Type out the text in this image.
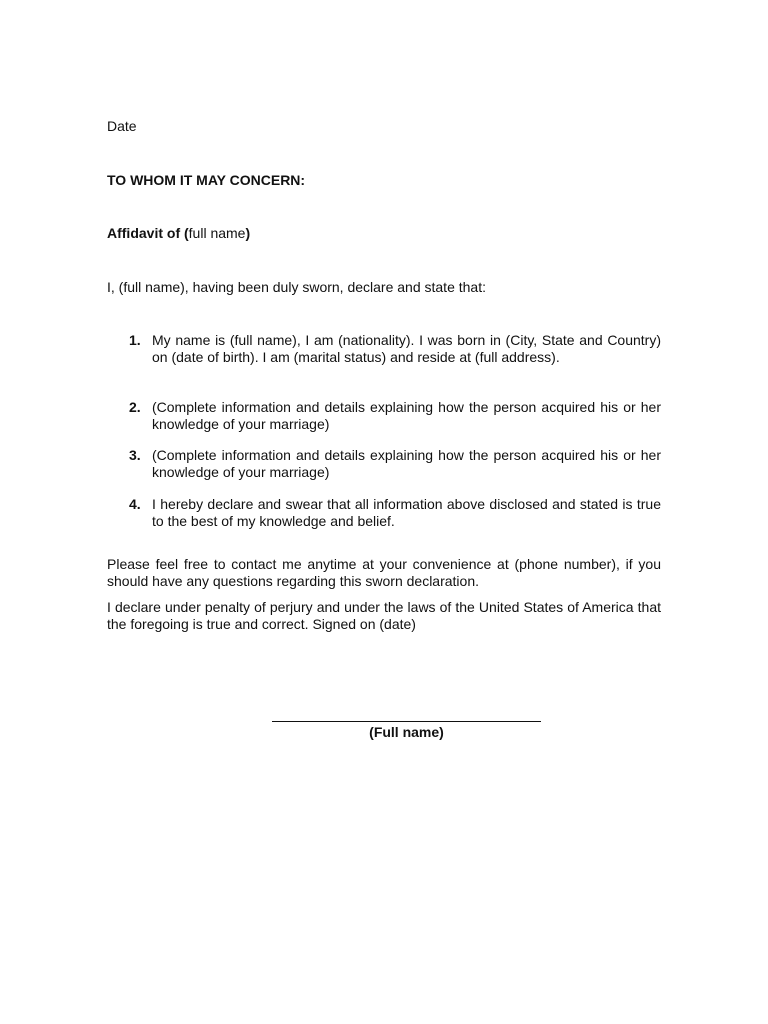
Date
TO WHOM IT MAY CONCERN:
Affidavit of (full name)
I, (full name), having been duly sworn, declare and state that:
1. My name is (full name), I am (nationality). I was born in (City, State and Country) on (date of birth). I am (marital status) and reside at (full address).
2. (Complete information and details explaining how the person acquired his or her knowledge of your marriage)
3. (Complete information and details explaining how the person acquired his or her knowledge of your marriage)
4. I hereby declare and swear that all information above disclosed and stated is true to the best of my knowledge and belief.
Please feel free to contact me anytime at your convenience at (phone number), if you should have any questions regarding this sworn declaration.
I declare under penalty of perjury and under the laws of the United States of America that the foregoing is true and correct. Signed on (date)
(Full name)
